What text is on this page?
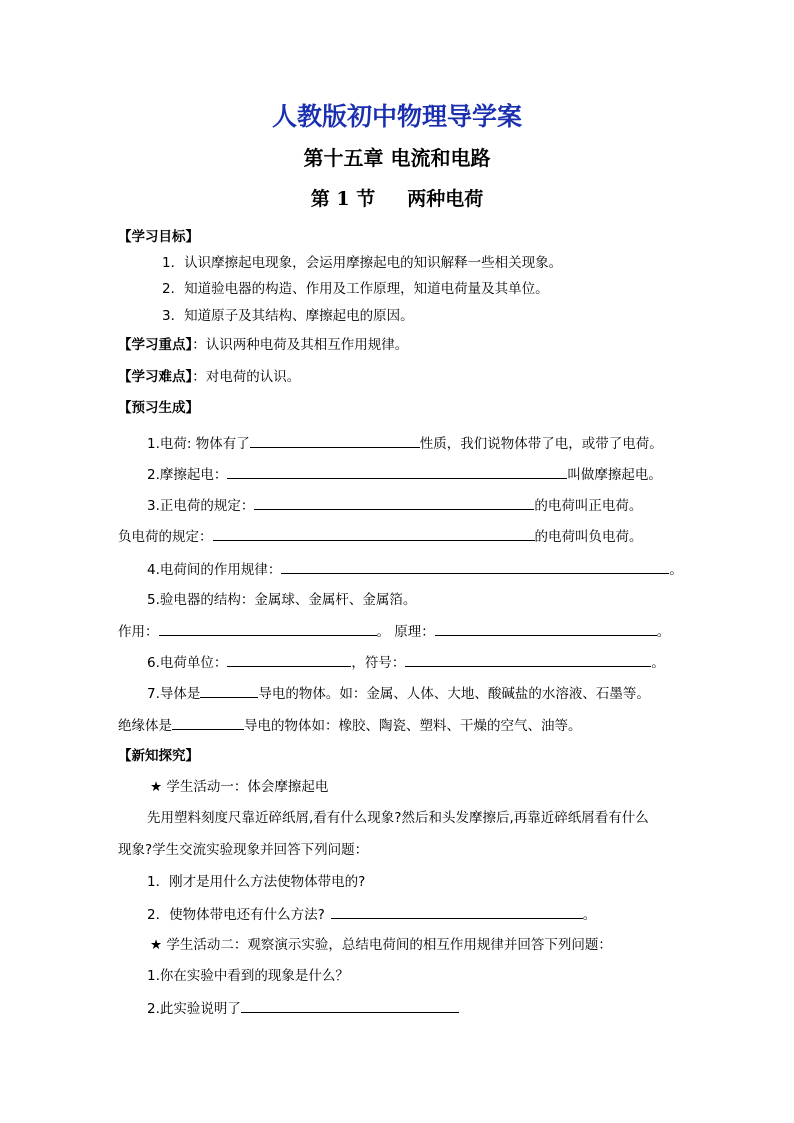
人教版初中物理导学案
第十五章 电流和电路
第 1 节 两种电荷
【学习目标】
1．认识摩擦起电现象，会运用摩擦起电的知识解释一些相关现象。
2．知道验电器的构造、作用及工作原理，知道电荷量及其单位。
3．知道原子及其结构、摩擦起电的原因。
【学习重点】：认识两种电荷及其相互作用规律。
【学习难点】：对电荷的认识。
【预习生成】
1.电荷: 物体有了	性质，我们说物体带了电，或带了电荷。
2.摩擦起电：	叫做摩擦起电。
3.正电荷的规定：	的电荷叫正电荷。
负电荷的规定：	的电荷叫负电荷。
4.电荷间的作用规律：	。
5.验电器的结构：金属球、金属杆、金属箔。
作用：	。 原理：	。
6.电荷单位：	，符号：	。
7.导体是	导电的物体。如：金属、人体、大地、酸碱盐的水溶液、石墨等。
绝缘体是	导电的物体如：橡胶、陶瓷、塑料、干燥的空气、油等。
【新知探究】
★ 学生活动一：体会摩擦起电
先用塑料刻度尺靠近碎纸屑,看有什么现象?然后和头发摩擦后,再靠近碎纸屑看有什么
现象?学生交流实验现象并回答下列问题：
1．刚才是用什么方法使物体带电的?
2．使物体带电还有什么方法?	。
★ 学生活动二：观察演示实验，总结电荷间的相互作用规律并回答下列问题：
1.你在实验中看到的现象是什么？
2.此实验说明了
